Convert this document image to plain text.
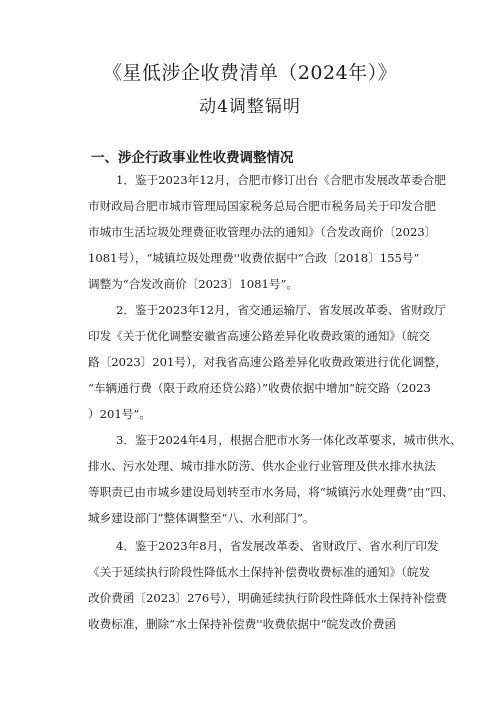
《星低涉企收费清单（2024年）》
动4调整镉明
一、涉企行政事业性收费调整情况
1．鉴于2023年12月，合肥市修订出台《合肥市发展改革委合肥
市财政局合肥市城市管理局国家税务总局合肥市税务局关于印发合肥
市城市生活垃圾处理费征收管理办法的通知》（合发改商价〔2023〕
1081号），“城镇垃圾处理费''收费依据中“合政〔2018〕155号”
调整为“合发改商价〔2023〕1081号”。
2．鉴于2023年12月，省交通运输厅、省发展改革委、省财政厅
印发《关于优化调整安徽省高速公路差异化收费政策的通知》（皖交
路〔2023〕201号），对我省高速公路差异化收费政策进行优化调整，
“车辆通行费（限于政府还贷公路）”收费依据中增加“皖交路（2023
）201号”。
3．鉴于2024年4月，根据合肥市水务一体化改革要求，城市供水、
排水、污水处理、城市排水防涝、供水企业行业管理及供水排水执法
等职责已由市城乡建设局划转至市水务局，将“城镇污水处理费”由“四、
城乡建设部门”整体调整至“八、水利部门”。
4．鉴于2023年8月，省发展改革委、省财政厅、省水利厅印发
《关于延续执行阶段性降低水土保持补偿费收费标准的通知》（皖发
改价费函〔2023〕276号），明确延续执行阶段性降低水土保持补偿费
收费标准，删除“水土保持补偿费''收费依据中“皖发改价费函
